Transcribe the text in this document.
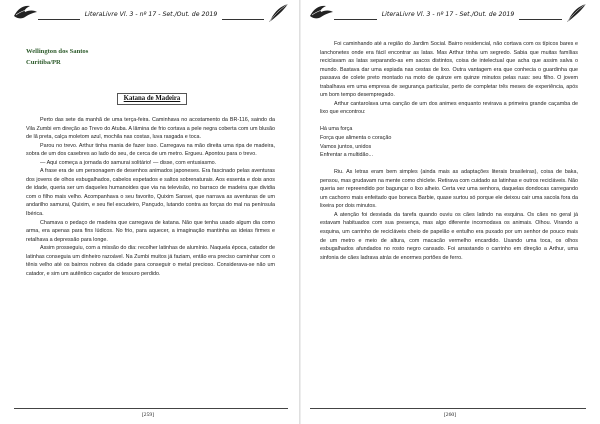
LiteraLivre Vl. 3 - nº 17 - Set./Out. de 2019
Wellington dos Santos
Curitiba/PR
Katana de Madeira

Perto das sete da manhã de uma terça-feira. Caminhava no acostamento da BR-116, saindo da Vila Zumbi em direção ao Trevo do Atuba. A lâmina de frio cortava a pele negra coberta com um blusão de lã preta, calça moletom azul, mochila nas costas, luva rasgada e toca.

Parou no trevo. Arthur tinha mania de fazer isso. Carregava na mão direita uma ripa de madeira, sobra de um dos casebres ao lado do seu, de cerca de um metro. Ergueu. Apontou para o trevo.

— Aqui começa a jornada do samurai solitário! — disse, com entusiasmo.

A frase era de um personagem de desenhos animados japoneses. Era fascinado pelas aventuras dos jovens de olhos esbugalhados, cabelos espetados e saltos sobrenaturais. Aos essenta e dois anos de idade, queria ser um daqueles humanoides que via na televisão, no barraco de madeira que dividia com o filho mais velho. Acompanhava o seu favorito, Quixim Sansei, que narrava as aventuras de um andarilho samurai, Quixim, e seu fiel escudeiro, Pançudo, lutando contra as forças do mal na península Ibérica.

Chamava o pedaço de madeira que carregava de katana. Não que tenha usado algum dia como arma, era apenas para fins lúdicos. No frio, para aquecer, a imaginação mantinha as ideias firmes e retalhava a depressão para longe.

Assim prosseguiu, com a missão do dia: recolher latinhas de alumínio. Naquela época, catador de latinhas conseguia um dinheiro razoável. Na Zumbi muitos já faziam, então era preciso caminhar com o tênis velho até os bairros nobres da cidade para conseguir o metal precioso. Considerava-se não um catador, e sim um autêntico caçador de tesouro perdido.

[259]
LiteraLivre Vl. 3 - nº 17 - Set./Out. de 2019

Foi caminhando até a região do Jardim Social. Bairro residencial, não cortava com os típicos bares e lanchonetes onde era fácil encontrar as latas. Mas Arthur tinha um segredo. Sabia que muitas famílias reciclavam as latas separando-as em sacos distintos, coisa de intelectual que acha que assim salva o mundo. Bastava dar uma espiada nas cestas de lixo. Outra vantagem era que conhecia o guardinha que passava de colete preto montado na moto de quinze em quinze minutos pelas ruas: seu filho. O jovem trabalhava em uma empresa de segurança particular, perto de completar três meses de experiência, após um bom tempo desempregado.

Arthur cantarolava uma canção de um dos animes enquanto revirava a primeira grande caçamba de lixo que encontrou:

Há uma força

Força que alimenta o coração

Vamos juntos, unidos

Enfrentar a multidão...

Riu. As letras eram bem simples (ainda mais as adaptações literais brasileiras), coisa de baka, pensou, mas grudavam na mente como chiclete. Retirava com cuidado as latinhas e outros recicláveis. Não queria ser repreendido por bagunçar o lixo alheio. Certa vez uma senhora, daquelas dondocas carregando um cachorro mais enfeitado que boneca Barbie, quase surtou só porque ele deixou cair uma sacola fora da lixeira por dois minutos.

A atenção foi desviada da tarefa quando ouviu os cães latindo na esquina. Os cães no geral já estavam habituados com sua presença, mas algo diferente incomodava os animais. Olhou. Virando a esquina, um carrinho de recicláveis cheio de papelão e entulho era puxado por um senhor de pouco mais de um metro e meio de altura, com macacão vermelho encardido. Usando uma toca, os olhos esbugalhados afundados no rosto negro cansado. Foi arrastando o carrinho em direção a Arthur, uma sinfonia de cães ladrava atrás de enormes portões de ferro.

[260]
